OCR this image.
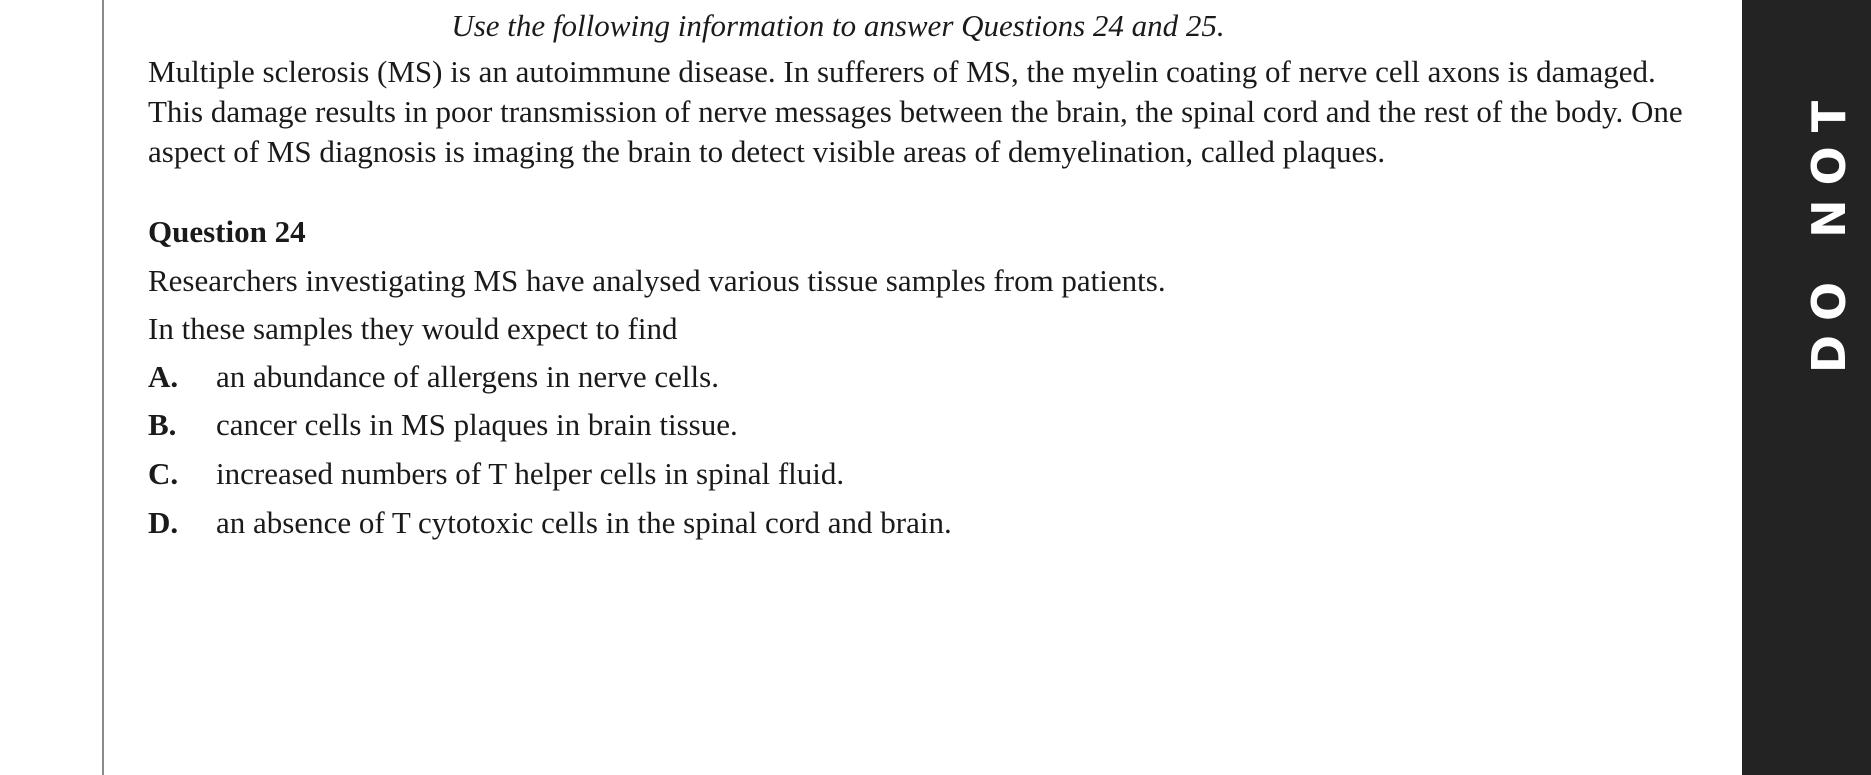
DO NOT

Use the following information to answer Questions 24 and 25.

Multiple sclerosis (MS) is an autoimmune disease. In sufferers of MS, the myelin coating of nerve cell axons is damaged. This damage results in poor transmission of nerve messages between the brain, the spinal cord and the rest of the body. One aspect of MS diagnosis is imaging the brain to detect visible areas of demyelination, called plaques.

Question 24

Researchers investigating MS have analysed various tissue samples from patients.

In these samples they would expect to find

A. an abundance of allergens in nerve cells.
B. cancer cells in MS plaques in brain tissue.
C. increased numbers of T helper cells in spinal fluid.
D. an absence of T cytotoxic cells in the spinal cord and brain.
